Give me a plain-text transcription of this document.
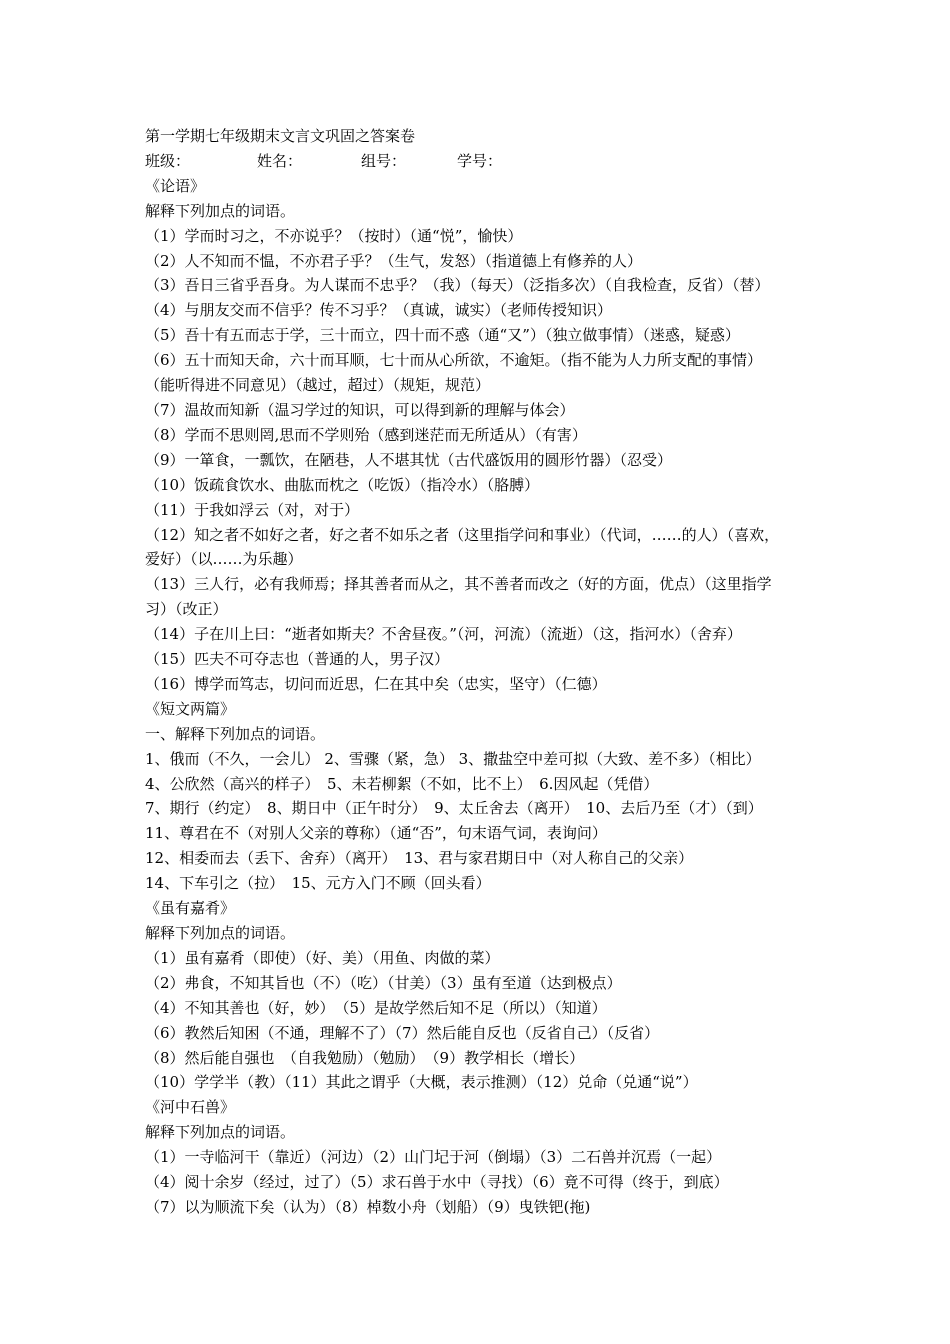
第一学期七年级期末文言文巩固之答案卷
班级：	姓名：	组号：	学号：
《论语》
解释下列加点的词语。
（1）学而时习之，不亦说乎？（按时）（通“悦”，愉快）
（2）人不知而不愠，不亦君子乎？（生气，发怒）（指道德上有修养的人）
（3）吾日三省乎吾身。为人谋而不忠乎？（我）（每天）（泛指多次）（自我检查，反省）（替）
（4）与朋友交而不信乎？传不习乎？（真诚，诚实）（老师传授知识）
（5）吾十有五而志于学，三十而立，四十而不惑（通“又”）（独立做事情）（迷惑，疑惑）
（6）五十而知天命，六十而耳顺，七十而从心所欲，不逾矩。（指不能为人力所支配的事情）
（能听得进不同意见）（越过，超过）（规矩，规范）
（7）温故而知新（温习学过的知识，可以得到新的理解与体会）
（8）学而不思则罔,思而不学则殆（感到迷茫而无所适从）（有害）
（9）一箪食，一瓢饮，在陋巷，人不堪其忧（古代盛饭用的圆形竹器）（忍受）
（10）饭疏食饮水、曲肱而枕之（吃饭）（指冷水）（胳膊）
（11）于我如浮云（对，对于）
（12）知之者不如好之者，好之者不如乐之者（这里指学问和事业）（代词，……的人）（喜欢，
爱好）（以……为乐趣）
（13）三人行，必有我师焉；择其善者而从之，其不善者而改之（好的方面，优点）（这里指学
习）（改正）
（14）子在川上曰：“逝者如斯夫？不舍昼夜。”（河，河流）（流逝）（这，指河水）（舍弃）
（15）匹夫不可夺志也（普通的人，男子汉）
（16）博学而笃志，切问而近思，仁在其中矣（忠实，坚守）（仁德）
《短文两篇》
一、解释下列加点的词语。
1、俄而（不久，一会儿） 2、雪骤（紧，急） 3、撒盐空中差可拟（大致、差不多）（相比）
4、公欣然（高兴的样子）　5、未若柳絮（不如，比不上）　6.因风起（凭借）
7、期行（约定）　8、期日中（正午时分）　9、太丘舍去（离开）　10、去后乃至（才）（到）
11、尊君在不（对别人父亲的尊称）（通“否”，句末语气词，表询问）
12、相委而去（丢下、舍弃）（离开）　13、君与家君期日中（对人称自己的父亲）
14、下车引之（拉）　15、元方入门不顾（回头看）
《虽有嘉肴》
解释下列加点的词语。
（1）虽有嘉肴（即使）（好、美）（用鱼、肉做的菜）
（2）弗食，不知其旨也（不）（吃）（甘美）（3）虽有至道（达到极点）
（4）不知其善也（好，妙）　（5）是故学然后知不足（所以）（知道）
（6）教然后知困（不通，理解不了）（7）然后能自反也（反省自己）（反省）
（8）然后能自强也　（自我勉励）（勉励）　（9）教学相长（增长）
（10）学学半（教）（11）其此之谓乎（大概，表示推测）（12）兑命（兑通“说”）
《河中石兽》
解释下列加点的词语。
（1）一寺临河干（靠近）（河边）（2）山门圮于河（倒塌）（3）二石兽并沉焉（一起）
（4）阅十余岁（经过，过了）（5）求石兽于水中（寻找）（6）竟不可得（终于，到底）
（7）以为顺流下矣（认为）（8）棹数小舟（划船）（9）曳铁钯(拖)
